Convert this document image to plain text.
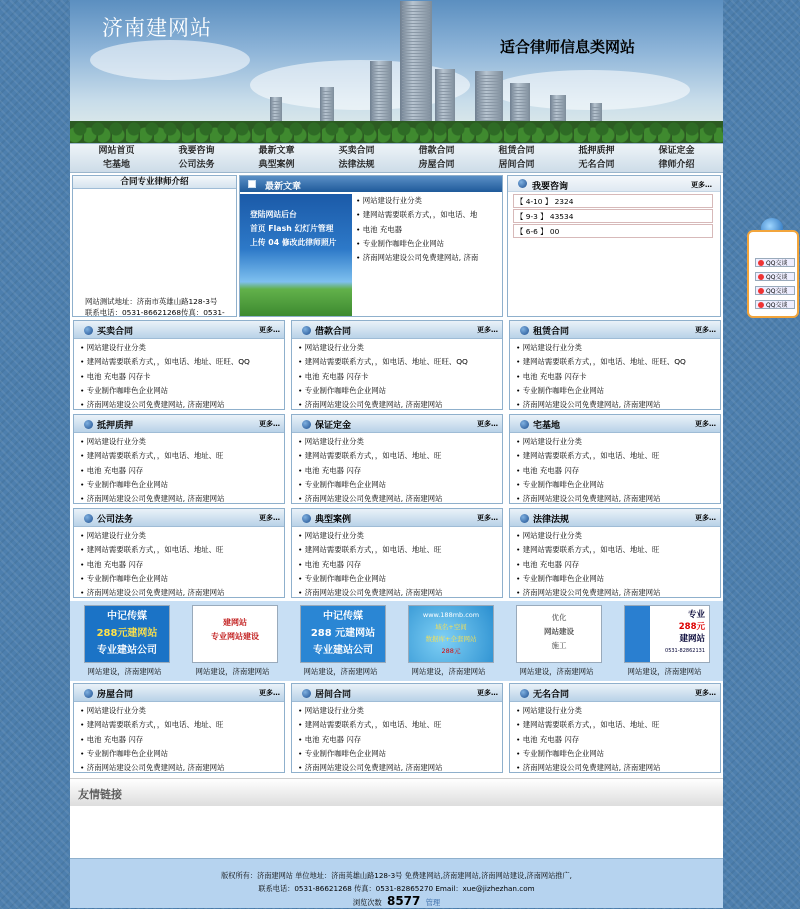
济南建网站
适合律师信息类网站
网站首页	我要咨询	最新文章	买卖合同	借款合同	租赁合同	抵押质押	保证定金
宅基地	公司法务	典型案例	法律法规	房屋合同	居间合同	无名合同	律师介绍
合同专业律师介绍
网站测试地址：济南市英雄山路128-3号
联系电话：0531-86621268传真：0531-
最新文章
登陆网站后台
首页 Flash 幻灯片管理
上传 04 修改此律师照片
• 网站建设行业分类
• 建网站需要联系方式，，如电话、地
• 电池 充电器
• 专业制作咖啡色企业网站
• 济南网站建设公司免费建网站, 济南
我要咨询	更多…
【 4-10 】 2324
【 9-3 】 43534
【 6-6 】 00
买卖合同	更多…
• 网站建设行业分类
• 建网站需要联系方式，，如电话、地址、旺旺、QQ
• 电池 充电器 闪存卡
• 专业制作咖啡色企业网站
• 济南网站建设公司免费建网站, 济南建网站
借款合同	更多…
• 网站建设行业分类
• 建网站需要联系方式，，如电话、地址、旺旺、QQ
• 电池 充电器 闪存卡
• 专业制作咖啡色企业网站
• 济南网站建设公司免费建网站, 济南建网站
租赁合同	更多…
• 网站建设行业分类
• 建网站需要联系方式，，如电话、地址、旺旺、QQ
• 电池 充电器 闪存卡
• 专业制作咖啡色企业网站
• 济南网站建设公司免费建网站, 济南建网站
抵押质押	更多…
• 网站建设行业分类
• 建网站需要联系方式，，如电话、地址、旺
• 电池 充电器 闪存
• 专业制作咖啡色企业网站
• 济南网站建设公司免费建网站, 济南建网站
保证定金	更多…
• 网站建设行业分类
• 建网站需要联系方式，，如电话、地址、旺
• 电池 充电器 闪存
• 专业制作咖啡色企业网站
• 济南网站建设公司免费建网站, 济南建网站
宅基地	更多…
• 网站建设行业分类
• 建网站需要联系方式，，如电话、地址、旺
• 电池 充电器 闪存
• 专业制作咖啡色企业网站
• 济南网站建设公司免费建网站, 济南建网站
公司法务	更多…
• 网站建设行业分类
• 建网站需要联系方式，，如电话、地址、旺
• 电池 充电器 闪存
• 专业制作咖啡色企业网站
• 济南网站建设公司免费建网站, 济南建网站
典型案例	更多…
• 网站建设行业分类
• 建网站需要联系方式，，如电话、地址、旺
• 电池 充电器 闪存
• 专业制作咖啡色企业网站
• 济南网站建设公司免费建网站, 济南建网站
法律法规	更多…
• 网站建设行业分类
• 建网站需要联系方式，，如电话、地址、旺
• 电池 充电器 闪存
• 专业制作咖啡色企业网站
• 济南网站建设公司免费建网站, 济南建网站
中记传媒
288元建网站
专业建站公司
网站建设，济南建网站
建网站
专业网站建设
网站建设，济南建网站
中记传媒
288 元建网站
专业建站公司
网站建设，济南建网站
www.188mb.com
域名+空间
数据库+全套网站
288元
网站建设，济南建网站
优化
网站建设
施工
网站建设，济南建网站
专业
288元
建网站
0531-82862131
网站建设，济南建网站
房屋合同	更多…
• 网站建设行业分类
• 建网站需要联系方式，，如电话、地址、旺
• 电池 充电器 闪存
• 专业制作咖啡色企业网站
• 济南网站建设公司免费建网站, 济南建网站
居间合同	更多…
• 网站建设行业分类
• 建网站需要联系方式，，如电话、地址、旺
• 电池 充电器 闪存
• 专业制作咖啡色企业网站
• 济南网站建设公司免费建网站, 济南建网站
无名合同	更多…
• 网站建设行业分类
• 建网站需要联系方式，，如电话、地址、旺
• 电池 充电器 闪存
• 专业制作咖啡色企业网站
• 济南网站建设公司免费建网站, 济南建网站
友情链接
版权所有：济南建网站 单位地址：济南英雄山路128-3号 免费建网站,济南建网站,济南网站建设,济南网站推广,
联系电话：0531-86621268 传真：0531-82865270 Email：xue@jizhezhan.com
浏览次数 8577 管理
QQ交谈
QQ交谈
QQ交谈
QQ交谈
